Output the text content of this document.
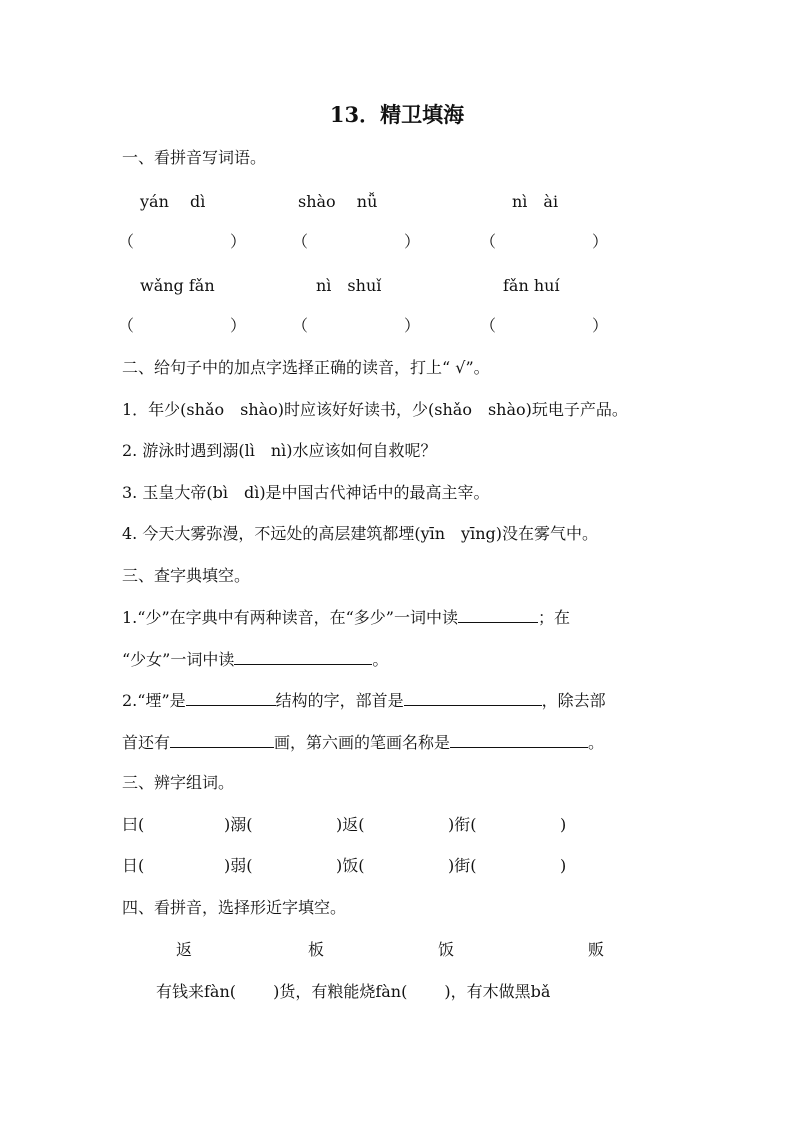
13．精卫填海
一、看拼音写词语。
yán　 dì	shào　 nǚ	nì　ài
（　　　　　　）	（　　　　　　）	（　　　　　　）
wǎng fǎn	nì　shuǐ	fǎn huí
（　　　　　　）	（　　　　　　）	（　　　　　　）
二、给句子中的加点字选择正确的读音，打上“ √”。
1．年少(shǎo　shào)时应该好好读书，少(shǎo　shào)玩电子产品。
2. 游泳时遇到溺(lì　nì)水应该如何自救呢？
3. 玉皇大帝(bì　dì)是中国古代神话中的最高主宰。
4. 今天大雾弥漫，不远处的高层建筑都堙(yīn　yīng)没在雾气中。
三、查字典填空。
1.“少”在字典中有两种读音，在“多少”一词中读	；在
“少女”一词中读	。
2.“堙”是	结构的字，部首是	，除去部
首还有	画，第六画的笔画名称是	。
三、辨字组词。
曰(	)溺(	)返(	)衔(	)
日(	)弱(	)饭(	)街(	)
四、看拼音，选择形近字填空。
返	板	饭	贩
有钱来fàn(　　 )货，有粮能烧fàn(　　 )，有木做黑bǎ
